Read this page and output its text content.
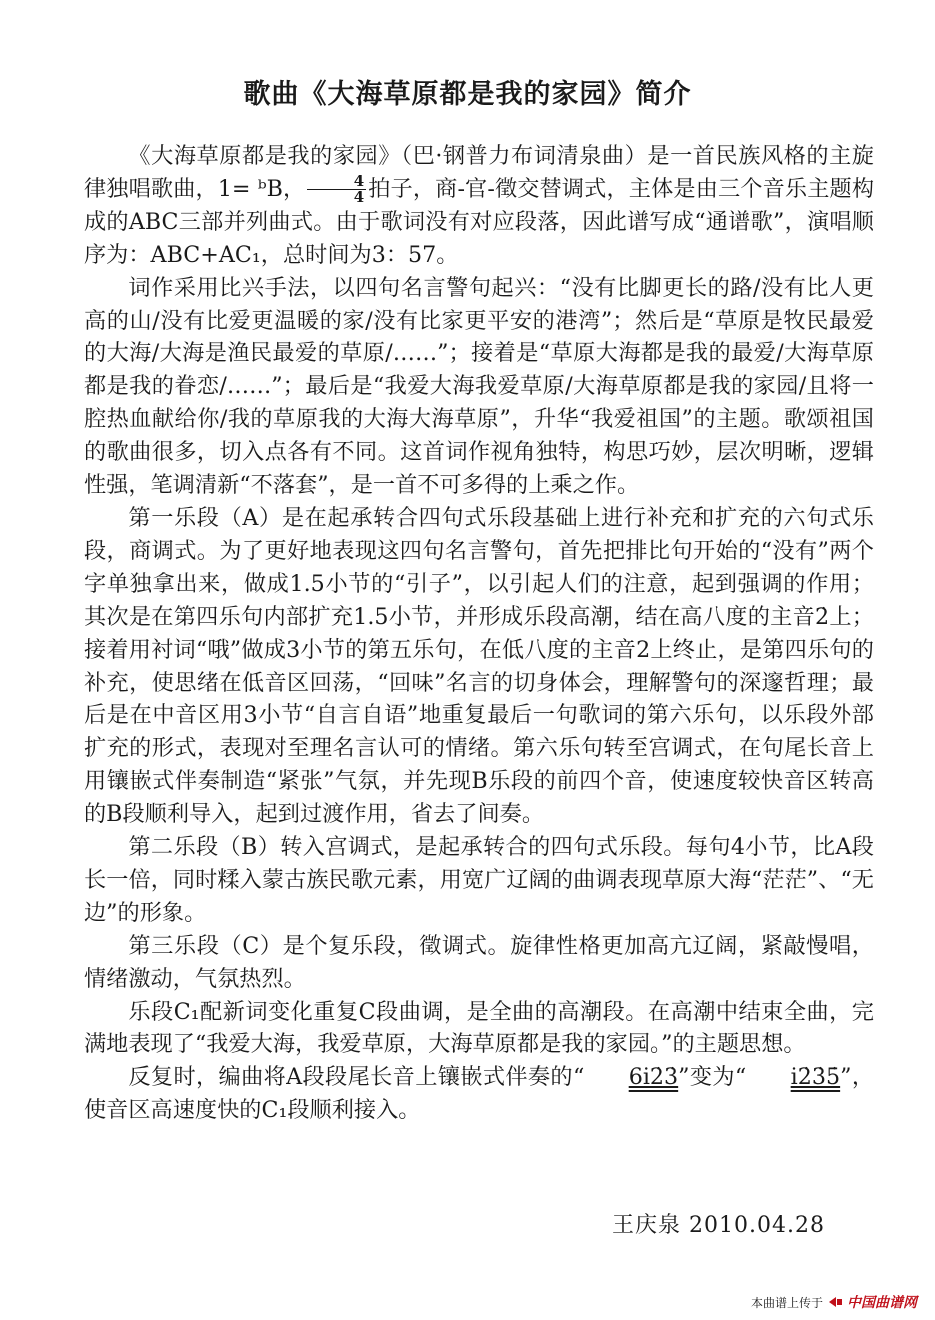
歌曲《大海草原都是我的家园》简介

《大海草原都是我的家园》（巴·钢普力布词清泉曲）是一首民族风格的主旋律独唱歌曲，1= ᵇB， $\frac{4}{4}$ 拍子，商-官-徵交替调式，主体是由三个音乐主题构成的ABC三部并列曲式。由于歌词没有对应段落，因此谱写成“通谱歌”，演唱顺序为：ABC+AC₁，总时间为3：57。

词作采用比兴手法，以四句名言警句起兴：“没有比脚更长的路/没有比人更高的山/没有比爱更温暖的家/没有比家更平安的港湾”；然后是“草原是牧民最爱的大海/大海是渔民最爱的草原/……”；接着是“草原大海都是我的最爱/大海草原都是我的眷恋/……”；最后是“我爱大海我爱草原/大海草原都是我的家园/且将一腔热血献给你/我的草原我的大海大海草原”，升华“我爱祖国”的主题。歌颂祖国的歌曲很多，切入点各有不同。这首词作视角独特，构思巧妙，层次明晰，逻辑性强，笔调清新“不落套”，是一首不可多得的上乘之作。

第一乐段（A）是在起承转合四句式乐段基础上进行补充和扩充的六句式乐段，商调式。为了更好地表现这四句名言警句，首先把排比句开始的“没有”两个字单独拿出来，做成1.5小节的“引子”，以引起人们的注意，起到强调的作用；其次是在第四乐句内部扩充1.5小节，并形成乐段高潮，结在高八度的主音2̇上；接着用衬词“哦”做成3小节的第五乐句，在低八度的主音2上终止，是第四乐句的补充，使思绪在低音区回荡，“回味”名言的切身体会，理解警句的深邃哲理；最后是在中音区用3小节“自言自语”地重复最后一句歌词的第六乐句，以乐段外部扩充的形式，表现对至理名言认可的情绪。第六乐句转至宫调式，在句尾长音上用镶嵌式伴奏制造“紧张”气氛，并先现B乐段的前四个音，使速度较快音区转高的B段顺利导入，起到过渡作用，省去了间奏。

第二乐段（B）转入宫调式，是起承转合的四句式乐段。每句4小节，比A段长一倍，同时糅入蒙古族民歌元素，用宽广辽阔的曲调表现草原大海“茫茫”、“无边”的形象。

第三乐段（C）是个复乐段，徵调式。旋律性格更加高亢辽阔，紧敲慢唱，情绪激动，气氛热烈。

乐段C₁配新词变化重复C段曲调，是全曲的高潮段。在高潮中结束全曲，完满地表现了“我爱大海，我爱草原，大海草原都是我的家园。”的主题思想。

反复时，编曲将A段段尾长音上镶嵌式伴奏的“ 6i2̇3̇”变为“ i2̇3̇5̇”，使音区高速度快的C₁段顺利接入。

王庆泉 2010.04.28
本曲谱上传于 中国曲谱网
